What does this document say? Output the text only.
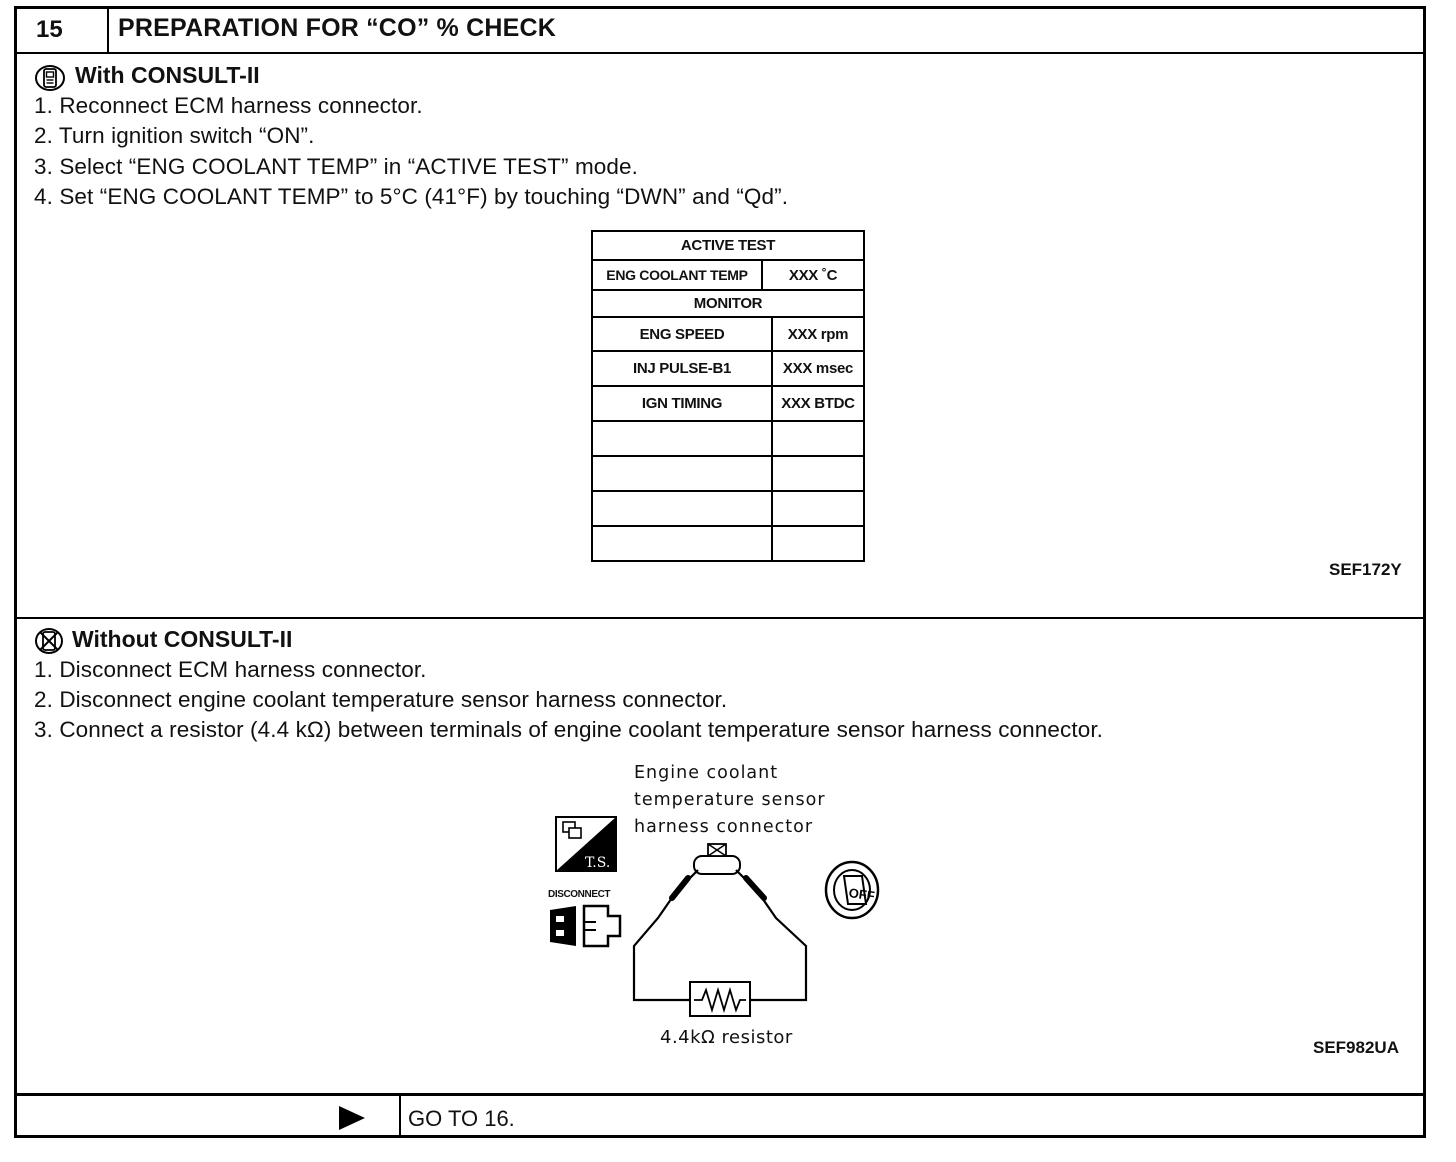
15 PREPARATION FOR “CO” % CHECK
With CONSULT-II
1. Reconnect ECM harness connector.
2. Turn ignition switch “ON”.
3. Select “ENG COOLANT TEMP” in “ACTIVE TEST” mode.
4. Set “ENG COOLANT TEMP” to 5°C (41°F) by touching “DWN” and “Qd”.
ACTIVE TEST
ENG COOLANT TEMP	XXX ˚C
MONITOR
ENG SPEED	XXX rpm
INJ PULSE-B1	XXX msec
IGN TIMING	XXX BTDC
SEF172Y
Without CONSULT-II
1. Disconnect ECM harness connector.
2. Disconnect engine coolant temperature sensor harness connector.
3. Connect a resistor (4.4 kΩ) between terminals of engine coolant temperature sensor harness connector.
Engine coolant
temperature sensor
harness connector
T.S.
DISCONNECT	OFF
4.4kΩ resistor	SEF982UA
GO TO 16.
